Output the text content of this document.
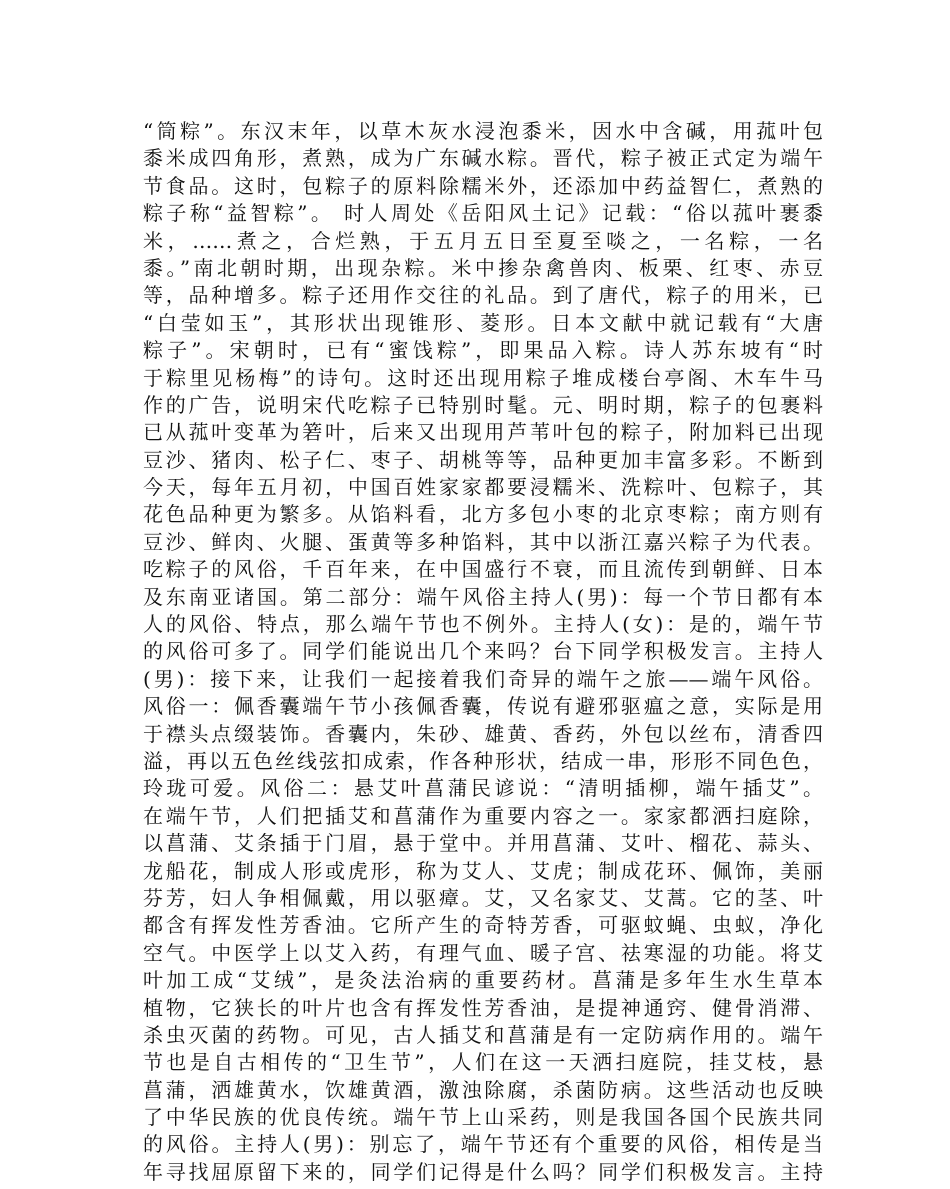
“筒粽”。东汉末年，以草木灰水浸泡黍米，因水中含碱，用菰叶包
黍米成四角形，煮熟，成为广东碱水粽。晋代，粽子被正式定为端午
节食品。这时，包粽子的原料除糯米外，还添加中药益智仁，煮熟的
粽子称“益智粽”。 时人周处《岳阳风土记》记载：“俗以菰叶裹黍
米，……煮之，合烂熟，于五月五日至夏至啖之，一名粽，一名
黍。”南北朝时期，出现杂粽。米中掺杂禽兽肉、板栗、红枣、赤豆
等，品种增多。粽子还用作交往的礼品。到了唐代，粽子的用米，已
“白莹如玉”，其形状出现锥形、菱形。日本文献中就记载有“大唐
粽子”。宋朝时，已有“蜜饯粽”，即果品入粽。诗人苏东坡有“时
于粽里见杨梅”的诗句。这时还出现用粽子堆成楼台亭阁、木车牛马
作的广告，说明宋代吃粽子已特别时髦。元、明时期，粽子的包裹料
已从菰叶变革为箬叶，后来又出现用芦苇叶包的粽子，附加料已出现
豆沙、猪肉、松子仁、枣子、胡桃等等，品种更加丰富多彩。不断到
今天，每年五月初，中国百姓家家都要浸糯米、洗粽叶、包粽子，其
花色品种更为繁多。从馅料看，北方多包小枣的北京枣粽；南方则有
豆沙、鲜肉、火腿、蛋黄等多种馅料，其中以浙江嘉兴粽子为代表。
吃粽子的风俗，千百年来，在中国盛行不衰，而且流传到朝鲜、日本
及东南亚诸国。第二部分：端午风俗主持人(男)：每一个节日都有本
人的风俗、特点，那么端午节也不例外。主持人(女)：是的，端午节
的风俗可多了。同学们能说出几个来吗？台下同学积极发言。主持人
(男)：接下来，让我们一起接着我们奇异的端午之旅——端午风俗。
风俗一：佩香囊端午节小孩佩香囊，传说有避邪驱瘟之意，实际是用
于襟头点缀装饰。香囊内，朱砂、雄黄、香药，外包以丝布，清香四
溢，再以五色丝线弦扣成索，作各种形状，结成一串，形形不同色色，
玲珑可爱。风俗二：悬艾叶菖蒲民谚说：“清明插柳，端午插艾”。
在端午节，人们把插艾和菖蒲作为重要内容之一。家家都洒扫庭除，
以菖蒲、艾条插于门眉，悬于堂中。并用菖蒲、艾叶、榴花、蒜头、
龙船花，制成人形或虎形，称为艾人、艾虎；制成花环、佩饰，美丽
芬芳，妇人争相佩戴，用以驱瘴。艾，又名家艾、艾蒿。它的茎、叶
都含有挥发性芳香油。它所产生的奇特芳香，可驱蚊蝇、虫蚁，净化
空气。中医学上以艾入药，有理气血、暖子宫、祛寒湿的功能。将艾
叶加工成“艾绒”，是灸法治病的重要药材。菖蒲是多年生水生草本
植物，它狭长的叶片也含有挥发性芳香油，是提神通窍、健骨消滞、
杀虫灭菌的药物。可见，古人插艾和菖蒲是有一定防病作用的。端午
节也是自古相传的“卫生节”，人们在这一天洒扫庭院，挂艾枝，悬
菖蒲，洒雄黄水，饮雄黄酒，激浊除腐，杀菌防病。这些活动也反映
了中华民族的优良传统。端午节上山采药，则是我国各国个民族共同
的风俗。主持人(男)：别忘了，端午节还有个重要的风俗，相传是当
年寻找屈原留下来的，同学们记得是什么吗？同学们积极发言。主持
